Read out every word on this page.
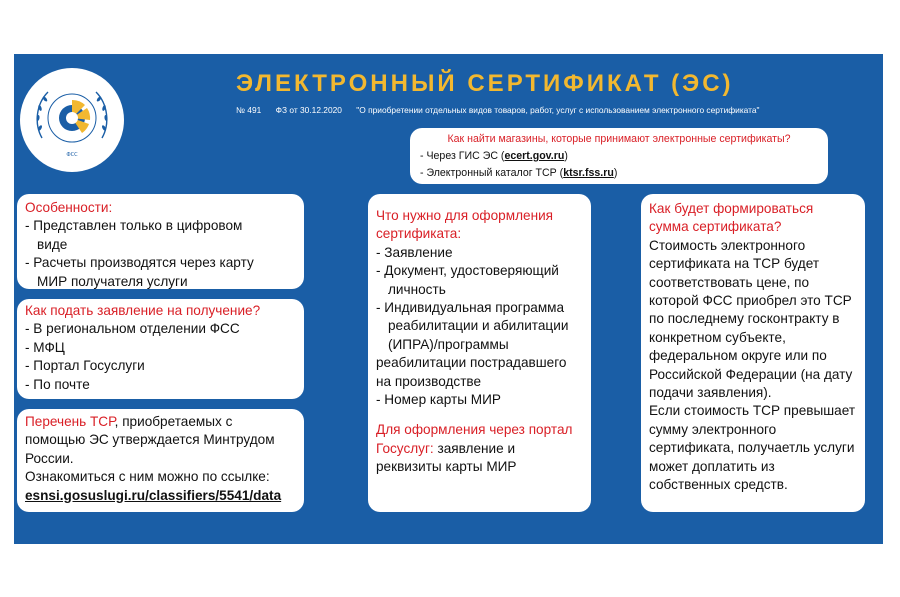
ФСС
ЭЛЕКТРОННЫЙ СЕРТИФИКАТ (ЭС)
№ 491 ФЗ от 30.12.2020 "О приобретении отдельных видов товаров, работ, услуг с использованием электронного сертификата"

Как найти магазины, которые принимают электронные сертификаты?

- Через ГИС ЭС (ecert.gov.ru)

- Электронный каталог ТСР (ktsr.fss.ru)

Особенности:

- Представлен только в цифровом

виде

- Расчеты производятся через карту

МИР получателя услуги

Как подать заявление на получение?

- В региональном отделении ФСС

- МФЦ

- Портал Госуслуги

- По почте

Перечень ТСР, приобретаемых с

помощью ЭС утверждается Минтрудом

России.

Ознакомиться с ним можно по ссылке:

esnsi.gosuslugi.ru/classifiers/5541/data

Что нужно для оформления

сертификата:

- Заявление

- Документ, удостоверяющий

личность

- Индивидуальная программа

реабилитации и абилитации

(ИПРА)/программы

реабилитации пострадавшего

на производстве

- Номер карты МИР

Для оформления через портал

Госуслуг: заявление и

реквизиты карты МИР

Как будет формироваться

сумма сертификата?

Стоимость электронного

сертификата на ТСР будет

соответствовать цене, по

которой ФСС приобрел это ТСР

по последнему госконтракту в

конкретном субъекте,

федеральном округе или по

Российской Федерации (на дату

подачи заявления).

Если стоимость ТСР превышает

сумму электронного

сертификата, получаетль услуги

может доплатить из

собственных средств.
